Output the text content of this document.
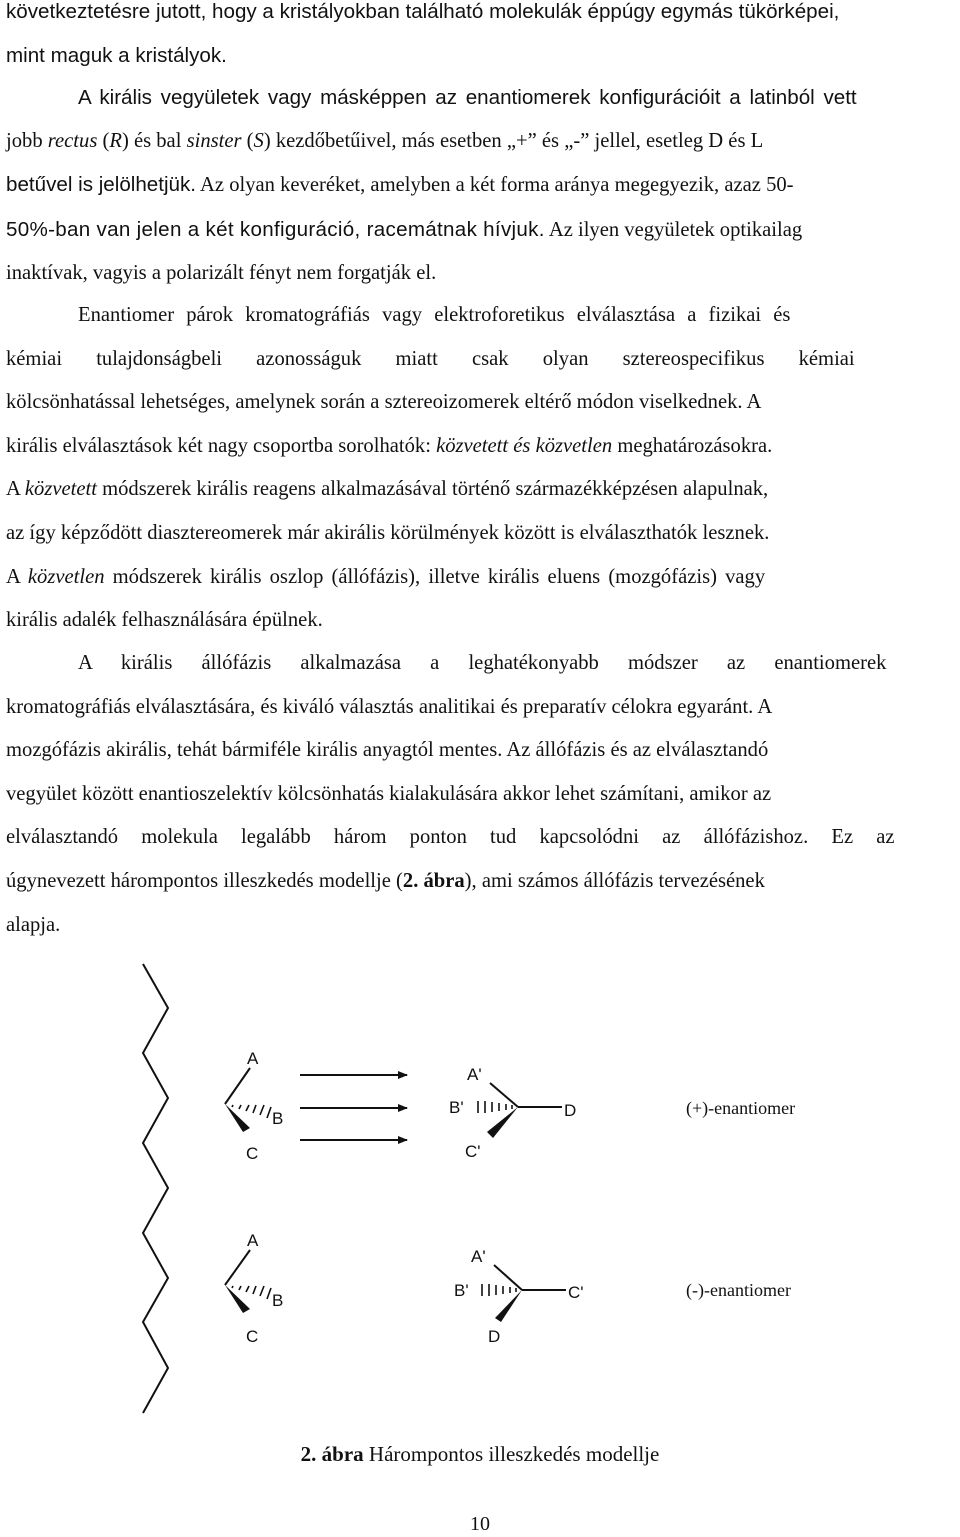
következtetésre jutott, hogy a kristályokban található molekulák éppúgy egymás tükörképei,
mint maguk a kristályok.
A királis vegyületek vagy másképpen az enantiomerek konfigurációit a latinból vett
jobb rectus (R) és bal sinster (S) kezdőbetűivel, más esetben „+” és „-” jellel, esetleg D és L
betűvel is jelölhetjük. Az olyan keveréket, amelyben a két forma aránya megegyezik, azaz 50-
50%-ban van jelen a két konfiguráció, racemátnak hívjuk. Az ilyen vegyületek optikailag
inaktívak, vagyis a polarizált fényt nem forgatják el.
Enantiomer párok kromatográfiás vagy elektroforetikus elválasztása a fizikai és
kémiai tulajdonságbeli azonosságuk miatt csak olyan sztereospecifikus kémiai
kölcsönhatással lehetséges, amelynek során a sztereoizomerek eltérő módon viselkednek. A
királis elválasztások két nagy csoportba sorolhatók: közvetett és közvetlen meghatározásokra.
A közvetett módszerek királis reagens alkalmazásával történő származékképzésen alapulnak,
az így képződött diasztereomerek már akirális körülmények között is elválaszthatók lesznek.
A közvetlen módszerek királis oszlop (állófázis), illetve királis eluens (mozgófázis) vagy
királis adalék felhasználására épülnek.
A királis állófázis alkalmazása a leghatékonyabb módszer az enantiomerek
kromatográfiás elválasztására, és kiváló választás analitikai és preparatív célokra egyaránt. A
mozgófázis akirális, tehát bármiféle királis anyagtól mentes. Az állófázis és az elválasztandó
vegyület között enantioszelektív kölcsönhatás kialakulására akkor lehet számítani, amikor az
elválasztandó molekula legalább három ponton tud kapcsolódni az állófázishoz. Ez az
úgynevezett hárompontos illeszkedés modellje (2. ábra), ami számos állófázis tervezésének
alapja.
A
B
C
A'
B'
C'
D	(+)-enantiomer
A
B
C
A'
B'	C'
D
(-)-enantiomer
2. ábra Hárompontos illeszkedés modellje
10
